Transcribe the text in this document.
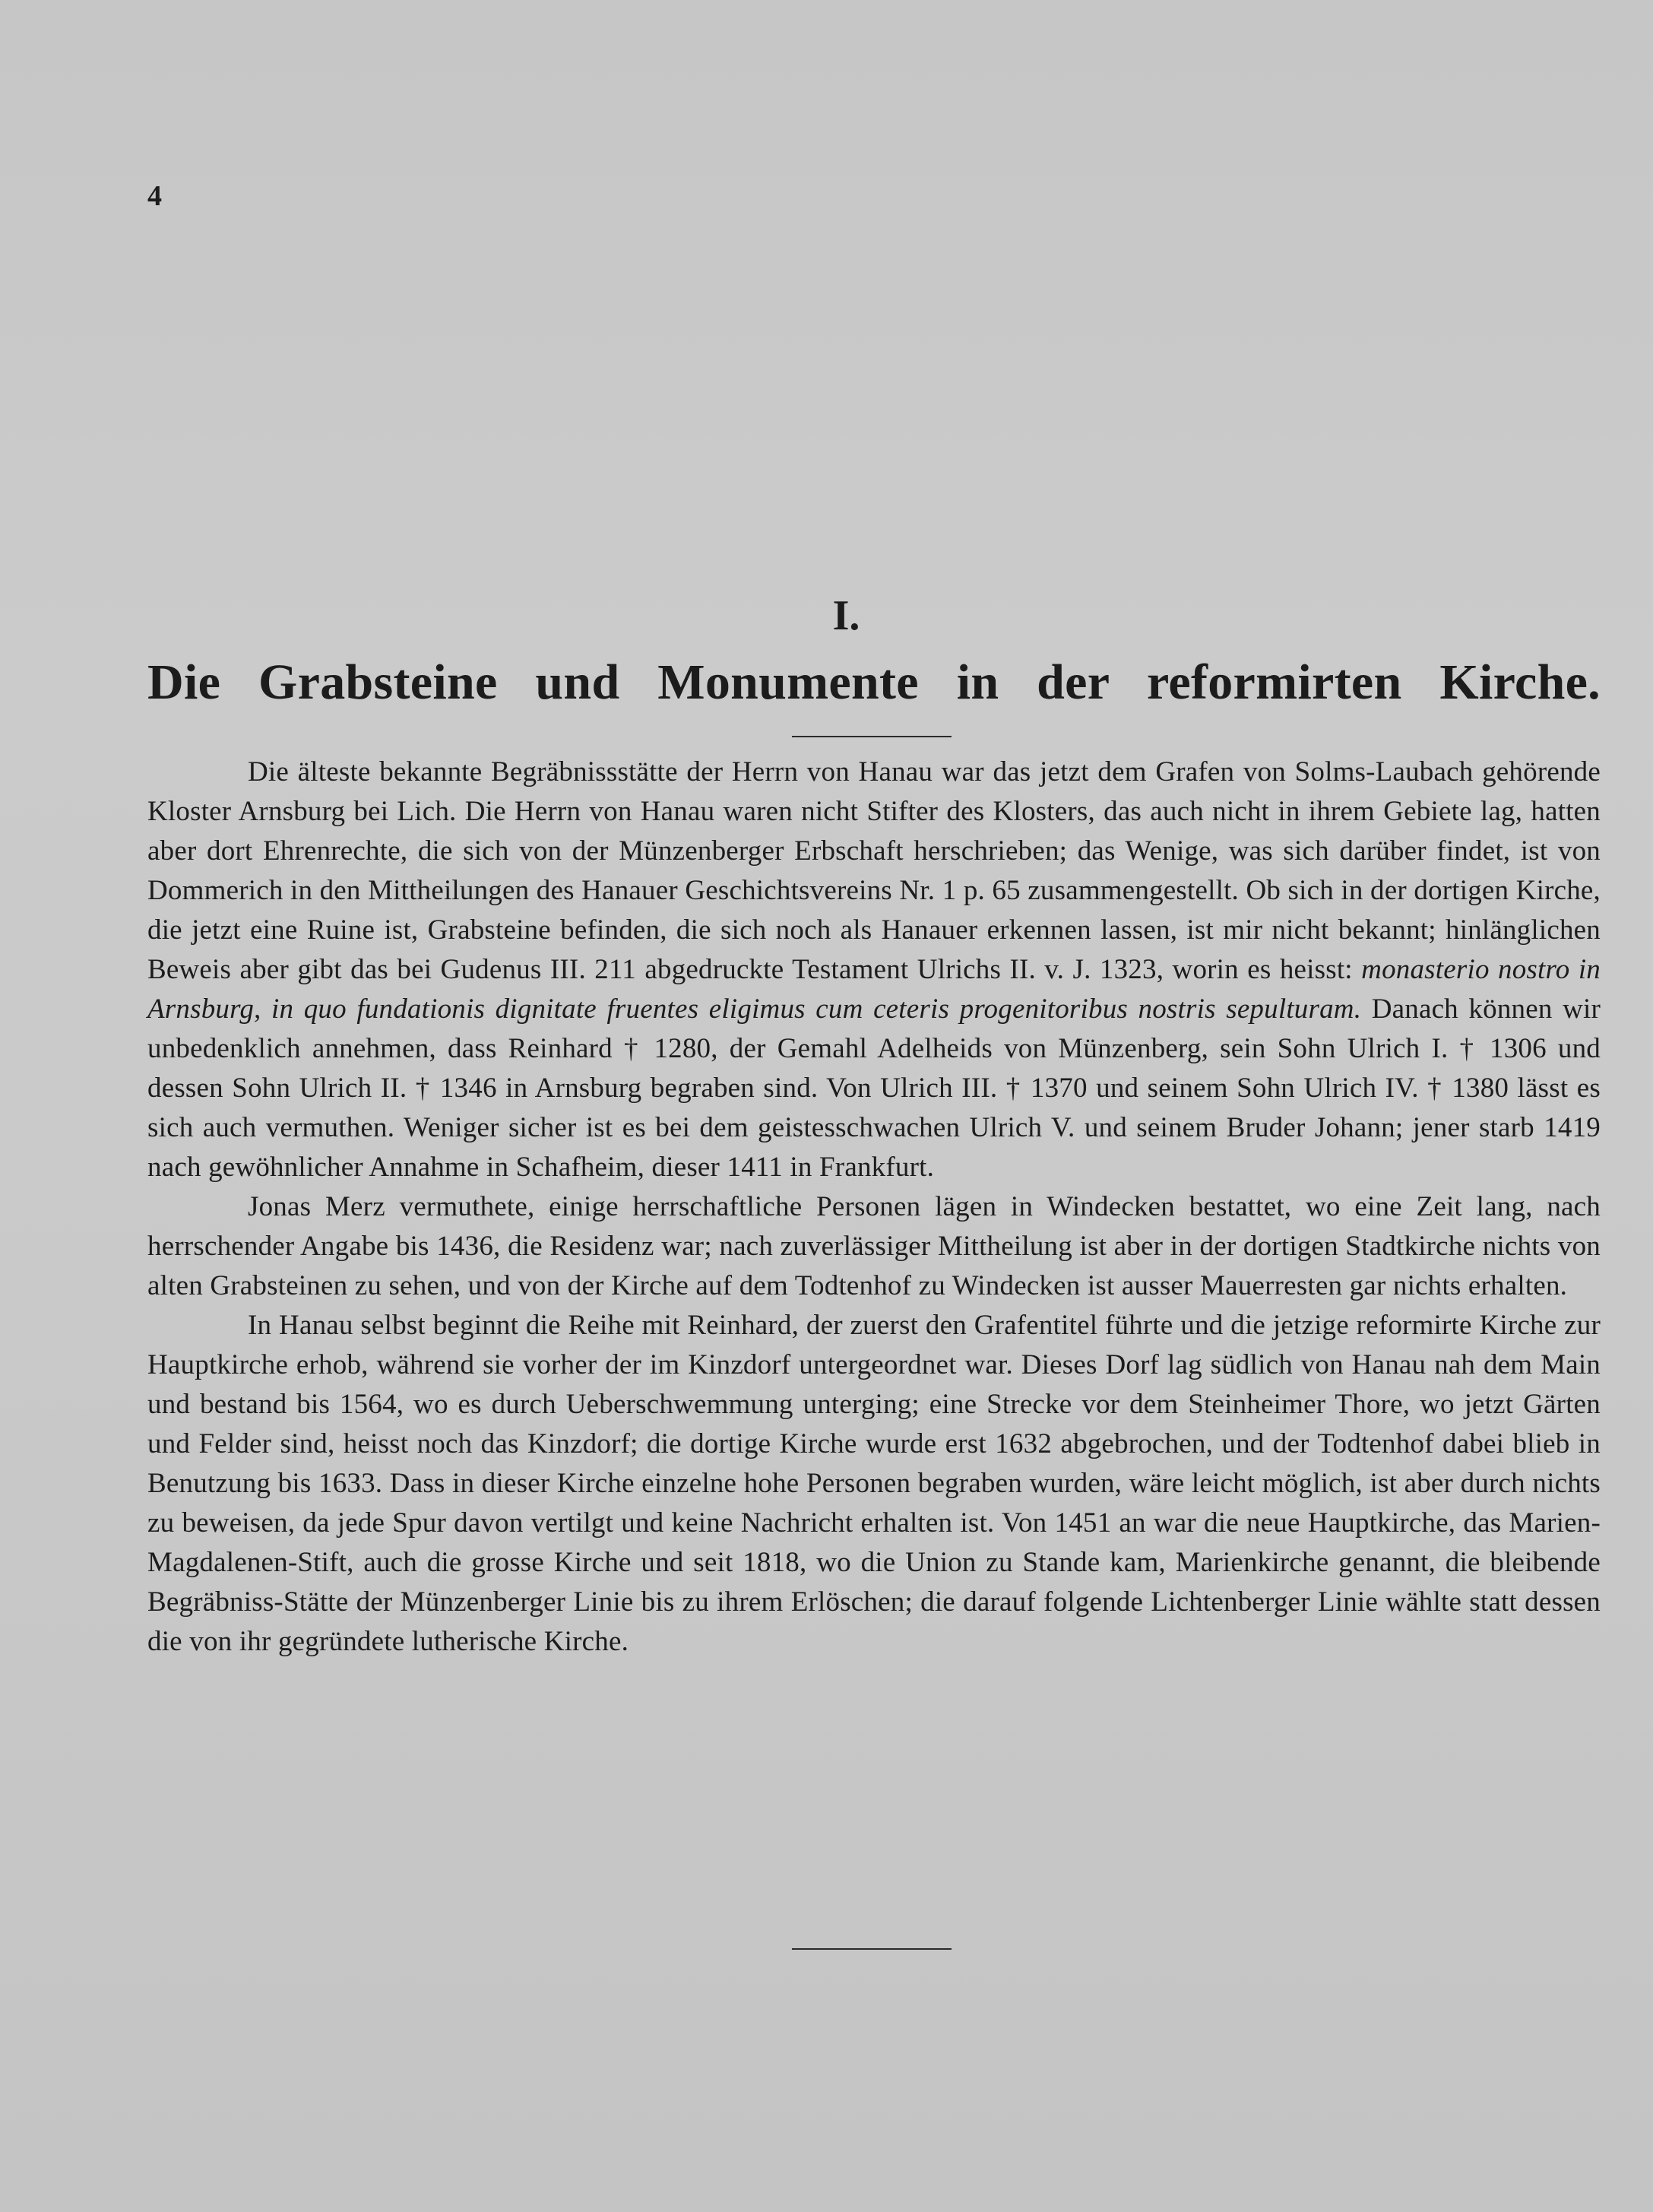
4
I.
Die Grabsteine und Monumente in der reformirten Kirche.

Die älteste bekannte Begräbnissstätte der Herrn von Hanau war das jetzt dem Grafen von Solms-Laubach gehörende Kloster Arnsburg bei Lich. Die Herrn von Hanau waren nicht Stifter des Klosters, das auch nicht in ihrem Gebiete lag, hatten aber dort Ehrenrechte, die sich von der Münzenberger Erbschaft herschrieben; das Wenige, was sich darüber findet, ist von Dommerich in den Mittheilungen des Hanauer Geschichtsvereins Nr. 1 p. 65 zusammengestellt. Ob sich in der dortigen Kirche, die jetzt eine Ruine ist, Grabsteine befinden, die sich noch als Hanauer erkennen lassen, ist mir nicht bekannt; hinlänglichen Beweis aber gibt das bei Gudenus III. 211 abgedruckte Testament Ulrichs II. v. J. 1323, worin es heisst: monasterio nostro in Arnsburg, in quo fundationis dignitate fruentes eligimus cum ceteris progenitoribus nostris sepulturam. Danach können wir unbedenklich annehmen, dass Reinhard † 1280, der Gemahl Adelheids von Münzenberg, sein Sohn Ulrich I. † 1306 und dessen Sohn Ulrich II. † 1346 in Arnsburg begraben sind. Von Ulrich III. † 1370 und seinem Sohn Ulrich IV. † 1380 lässt es sich auch vermuthen. Weniger sicher ist es bei dem geistesschwachen Ulrich V. und seinem Bruder Johann; jener starb 1419 nach gewöhnlicher Annahme in Schafheim, dieser 1411 in Frankfurt.

Jonas Merz vermuthete, einige herrschaftliche Personen lägen in Windecken bestattet, wo eine Zeit lang, nach herrschender Angabe bis 1436, die Residenz war; nach zuverlässiger Mittheilung ist aber in der dortigen Stadtkirche nichts von alten Grabsteinen zu sehen, und von der Kirche auf dem Todtenhof zu Windecken ist ausser Mauerresten gar nichts erhalten.

In Hanau selbst beginnt die Reihe mit Reinhard, der zuerst den Grafentitel führte und die jetzige reformirte Kirche zur Hauptkirche erhob, während sie vorher der im Kinzdorf untergeordnet war. Dieses Dorf lag südlich von Hanau nah dem Main und bestand bis 1564, wo es durch Ueberschwemmung unterging; eine Strecke vor dem Steinheimer Thore, wo jetzt Gärten und Felder sind, heisst noch das Kinzdorf; die dortige Kirche wurde erst 1632 abgebrochen, und der Todtenhof dabei blieb in Benutzung bis 1633. Dass in dieser Kirche einzelne hohe Personen begraben wurden, wäre leicht möglich, ist aber durch nichts zu beweisen, da jede Spur davon vertilgt und keine Nachricht erhalten ist. Von 1451 an war die neue Hauptkirche, das Marien-Magdalenen-Stift, auch die grosse Kirche und seit 1818, wo die Union zu Stande kam, Marienkirche genannt, die bleibende Begräbniss-Stätte der Münzenberger Linie bis zu ihrem Erlöschen; die darauf folgende Lichtenberger Linie wählte statt dessen die von ihr gegründete lutherische Kirche.
